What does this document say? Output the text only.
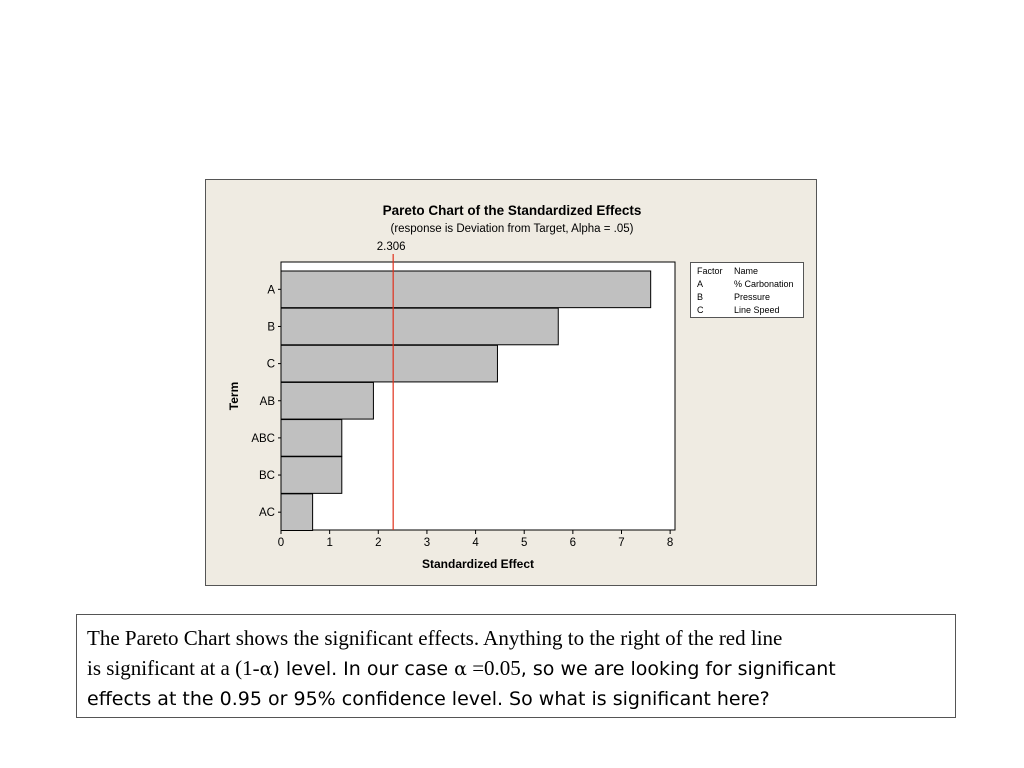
Pareto Chart of the Standardized Effects
(response is Deviation from Target, Alpha = .05)
2.306
A
B
C
AB
ABC
BC
AC
0	1	2	3	4	5	6	7	8
Standardized Effect
Term
Factor Name
A	% Carbonation
B	Pressure
C	Line Speed
The Pareto Chart shows the significant effects. Anything to the right of the red line
is significant at a (1-α) level. In our case α =0.05, so we are looking for significant
effects at the 0.95 or 95% confidence level. So what is significant here?
